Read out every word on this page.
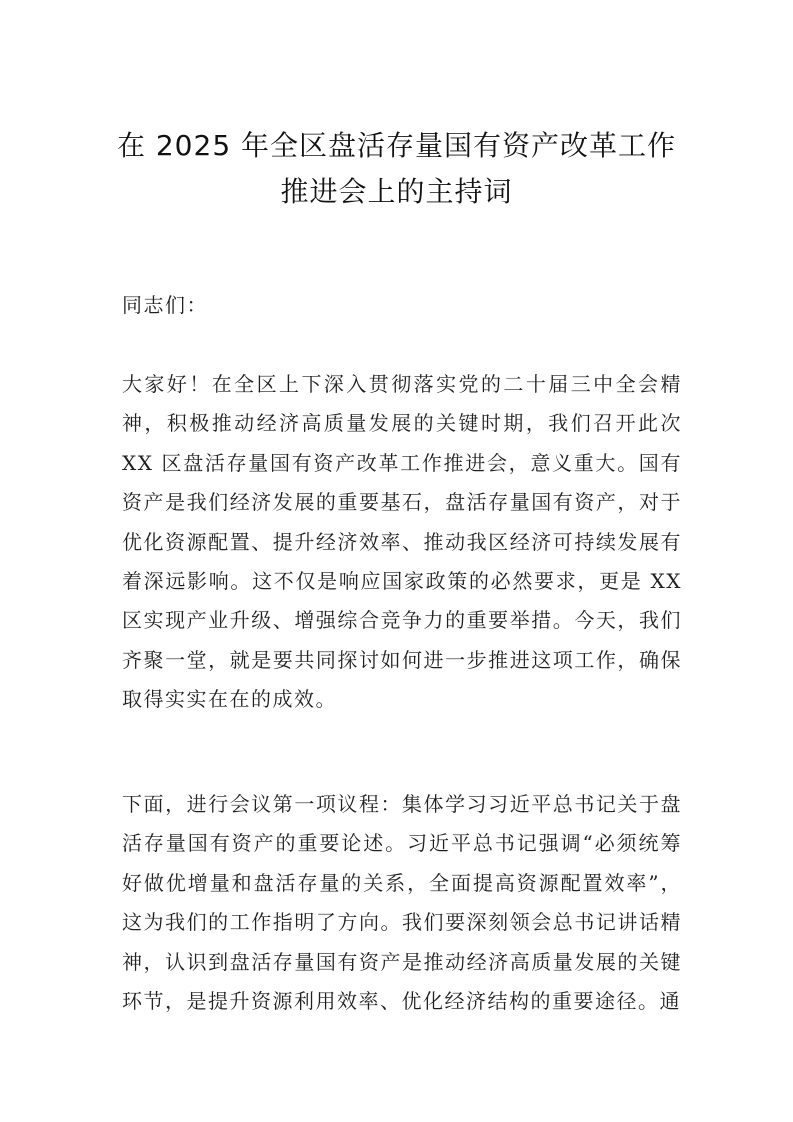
在 2025 年全区盘活存量国有资产改革工作
推进会上的主持词

同志们：

大家好！在全区上下深入贯彻落实党的二十届三中全会精神，积极推动经济高质量发展的关键时期，我们召开此次 XX 区盘活存量国有资产改革工作推进会，意义重大。国有资产是我们经济发展的重要基石，盘活存量国有资产，对于优化资源配置、提升经济效率、推动我区经济可持续发展有着深远影响。这不仅是响应国家政策的必然要求，更是 XX 区实现产业升级、增强综合竞争力的重要举措。今天，我们齐聚一堂，就是要共同探讨如何进一步推进这项工作，确保取得实实在在的成效。

下面，进行会议第一项议程：集体学习习近平总书记关于盘活存量国有资产的重要论述。习近平总书记强调“必须统筹好做优增量和盘活存量的关系，全面提高资源配置效率”，这为我们的工作指明了方向。我们要深刻领会总书记讲话精神，认识到盘活存量国有资产是推动经济高质量发展的关键环节，是提升资源利用效率、优化经济结构的重要途径。通
